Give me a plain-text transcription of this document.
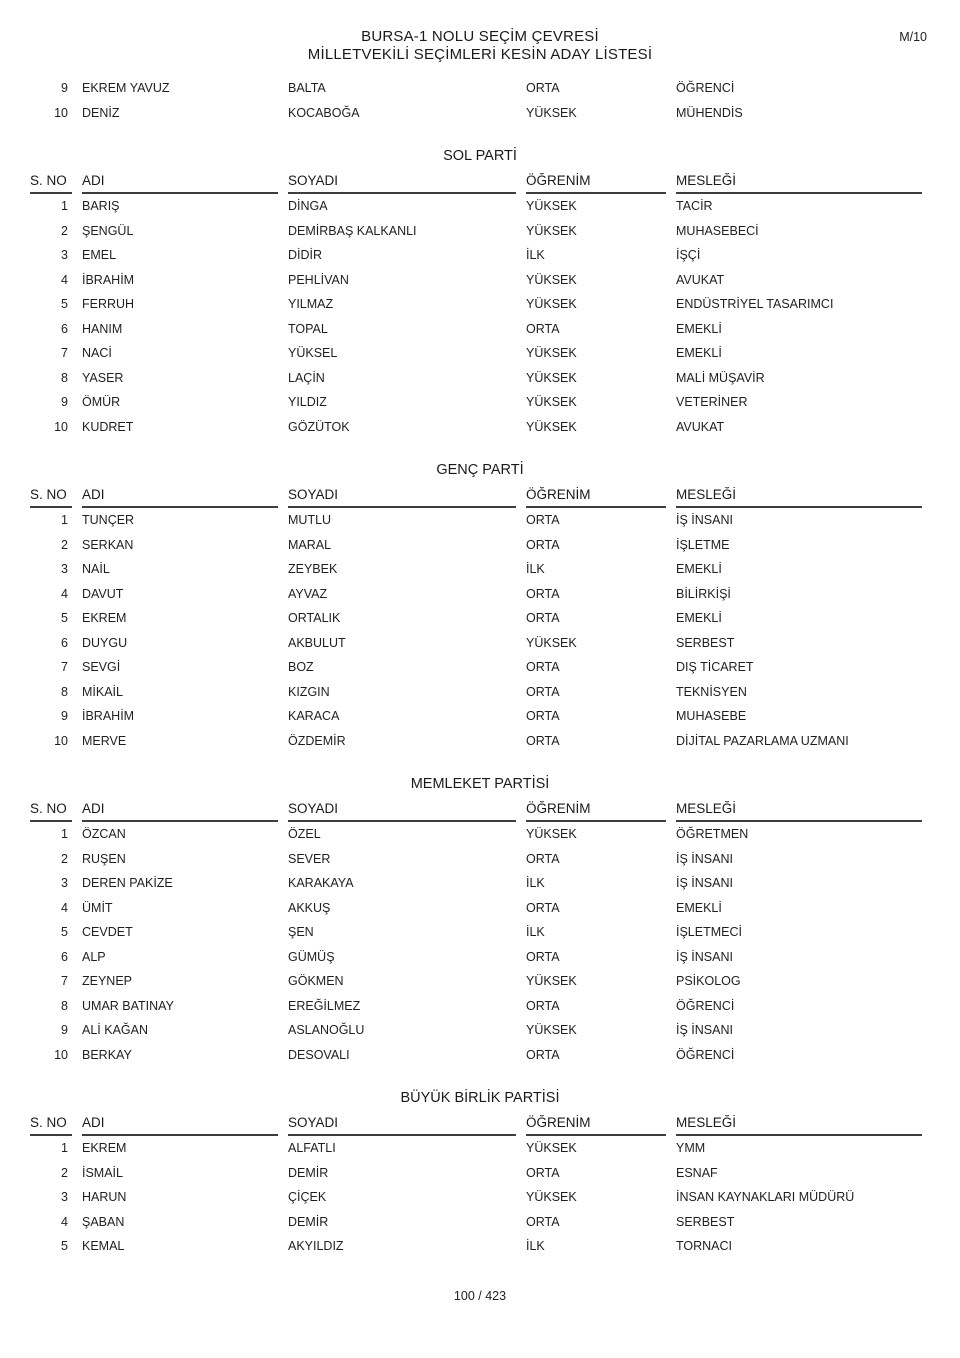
M/10
BURSA-1 NOLU SEÇİM ÇEVRESİ
MİLLETVEKİLİ SEÇİMLERİ KESİN ADAY LİSTESİ
9	EKREM YAVUZ	BALTA	ORTA	ÖĞRENCİ
10	DENİZ	KOCABOĞA	YÜKSEK	MÜHENDİS
SOL PARTİ
S. NO	ADI	SOYADI	ÖĞRENİM	MESLEĞİ

1	BARIŞ	DİNGA	YÜKSEK	TACİR
2	ŞENGÜL	DEMİRBAŞ KALKANLI	YÜKSEK	MUHASEBECİ
3	EMEL	DİDİR	İLK	İŞÇİ
4	İBRAHİM	PEHLİVAN	YÜKSEK	AVUKAT
5	FERRUH	YILMAZ	YÜKSEK	ENDÜSTRİYEL TASARIMCI
6	HANIM	TOPAL	ORTA	EMEKLİ
7	NACİ	YÜKSEL	YÜKSEK	EMEKLİ
8	YASER	LAÇİN	YÜKSEK	MALİ MÜŞAVİR
9	ÖMÜR	YILDIZ	YÜKSEK	VETERİNER
10	KUDRET	GÖZÜTOK	YÜKSEK	AVUKAT
GENÇ PARTİ
S. NO	ADI	SOYADI	ÖĞRENİM	MESLEĞİ

1	TUNÇER	MUTLU	ORTA	İŞ İNSANI
2	SERKAN	MARAL	ORTA	İŞLETME
3	NAİL	ZEYBEK	İLK	EMEKLİ
4	DAVUT	AYVAZ	ORTA	BİLİRKİŞİ
5	EKREM	ORTALIK	ORTA	EMEKLİ
6	DUYGU	AKBULUT	YÜKSEK	SERBEST
7	SEVGİ	BOZ	ORTA	DIŞ TİCARET
8	MİKAİL	KIZGIN	ORTA	TEKNİSYEN
9	İBRAHİM	KARACA	ORTA	MUHASEBE
10	MERVE	ÖZDEMİR	ORTA	DİJİTAL PAZARLAMA UZMANI
MEMLEKET PARTİSİ
S. NO	ADI	SOYADI	ÖĞRENİM	MESLEĞİ

1	ÖZCAN	ÖZEL	YÜKSEK	ÖĞRETMEN
2	RUŞEN	SEVER	ORTA	İŞ İNSANI
3	DEREN PAKİZE	KARAKAYA	İLK	İŞ İNSANI
4	ÜMİT	AKKUŞ	ORTA	EMEKLİ
5	CEVDET	ŞEN	İLK	İŞLETMECİ
6	ALP	GÜMÜŞ	ORTA	İŞ İNSANI
7	ZEYNEP	GÖKMEN	YÜKSEK	PSİKOLOG
8	UMAR BATINAY	EREĞİLMEZ	ORTA	ÖĞRENCİ
9	ALİ KAĞAN	ASLANOĞLU	YÜKSEK	İŞ İNSANI
10	BERKAY	DESOVALI	ORTA	ÖĞRENCİ
BÜYÜK BİRLİK PARTİSİ
S. NO	ADI	SOYADI	ÖĞRENİM	MESLEĞİ

1	EKREM	ALFATLI	YÜKSEK	YMM
2	İSMAİL	DEMİR	ORTA	ESNAF
3	HARUN	ÇİÇEK	YÜKSEK	İNSAN KAYNAKLARI MÜDÜRÜ
4	ŞABAN	DEMİR	ORTA	SERBEST
5	KEMAL	AKYILDIZ	İLK	TORNACI
100 / 423
